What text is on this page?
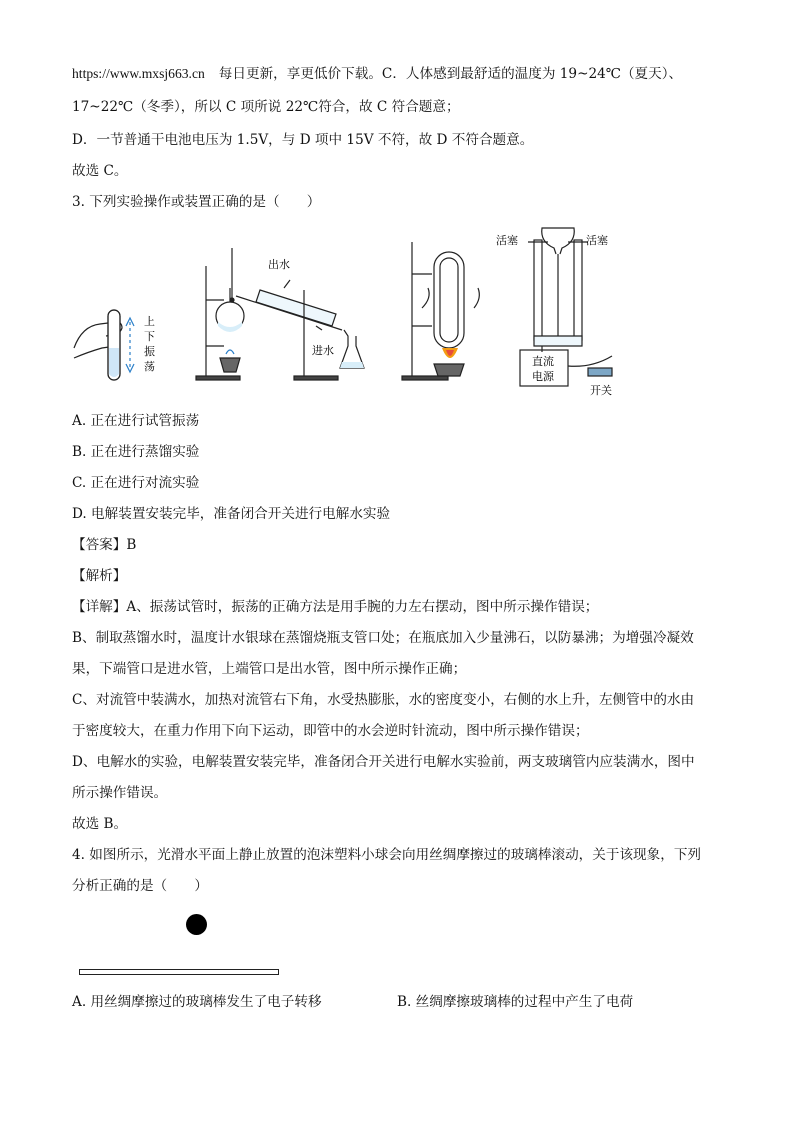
https://www.mxsj663.cn 每日更新，享更低价下载。C．人体感到最舒适的温度为 19~24℃（夏天）、
17~22℃（冬季），所以 C 项所说 22℃符合，故 C 符合题意；
D．一节普通干电池电压为 1.5V，与 D 项中 15V 不符，故 D 不符合题意。
故选 C。
3. 下列实验操作或装置正确的是（　　）
上
下
振
荡
出水
进水
活塞	活塞
直流
电源
开关
A. 正在进行试管振荡
B. 正在进行蒸馏实验
C. 正在进行对流实验
D. 电解装置安装完毕，准备闭合开关进行电解水实验
【答案】B
【解析】
【详解】A、振荡试管时，振荡的正确方法是用手腕的力左右摆动，图中所示操作错误；
B、制取蒸馏水时，温度计水银球在蒸馏烧瓶支管口处；在瓶底加入少量沸石，以防暴沸；为增强冷凝效
果，下端管口是进水管，上端管口是出水管，图中所示操作正确；
C、对流管中装满水，加热对流管右下角，水受热膨胀，水的密度变小，右侧的水上升，左侧管中的水由
于密度较大，在重力作用下向下运动，即管中的水会逆时针流动，图中所示操作错误；
D、电解水的实验，电解装置安装完毕，准备闭合开关进行电解水实验前，两支玻璃管内应装满水，图中
所示操作错误。
故选 B。
4. 如图所示，光滑水平面上静止放置的泡沫塑料小球会向用丝绸摩擦过的玻璃棒滚动，关于该现象，下列
分析正确的是（　　）
A. 用丝绸摩擦过的玻璃棒发生了电子转移	B. 丝绸摩擦玻璃棒的过程中产生了电荷
